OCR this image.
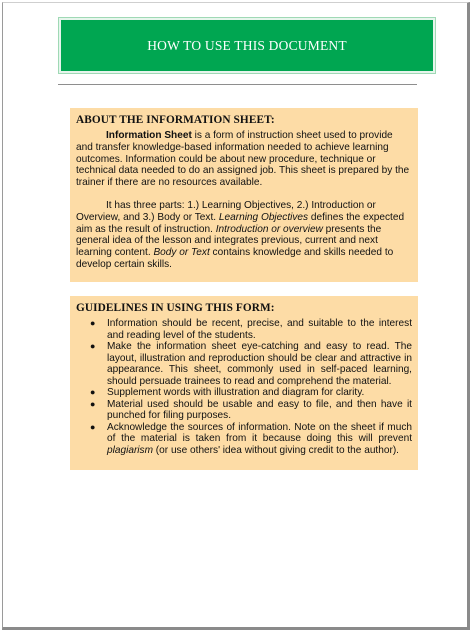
HOW TO USE THIS DOCUMENT
ABOUT THE INFORMATION SHEET:

Information Sheet is a form of instruction sheet used to provide and transfer knowledge-based information needed to achieve learning outcomes. Information could be about new procedure, technique or technical data needed to do an assigned job. This sheet is prepared by the trainer if there are no resources available.

It has three parts: 1.) Learning Objectives, 2.) Introduction or Overview, and 3.) Body or Text. Learning Objectives defines the expected aim as the result of instruction. Introduction or overview presents the general idea of the lesson and integrates previous, current and next learning content. Body or Text contains knowledge and skills needed to develop certain skills.

GUIDELINES IN USING THIS FORM:
● Information should be recent, precise, and suitable to the interest and reading level of the students.
● Make the information sheet eye-catching and easy to read. The layout, illustration and reproduction should be clear and attractive in appearance. This sheet, commonly used in self-paced learning, should persuade trainees to read and comprehend the material.
● Supplement words with illustration and diagram for clarity.
● Material used should be usable and easy to file, and then have it punched for filing purposes.
● Acknowledge the sources of information. Note on the sheet if much of the material is taken from it because doing this will prevent plagiarism (or use others' idea without giving credit to the author).
